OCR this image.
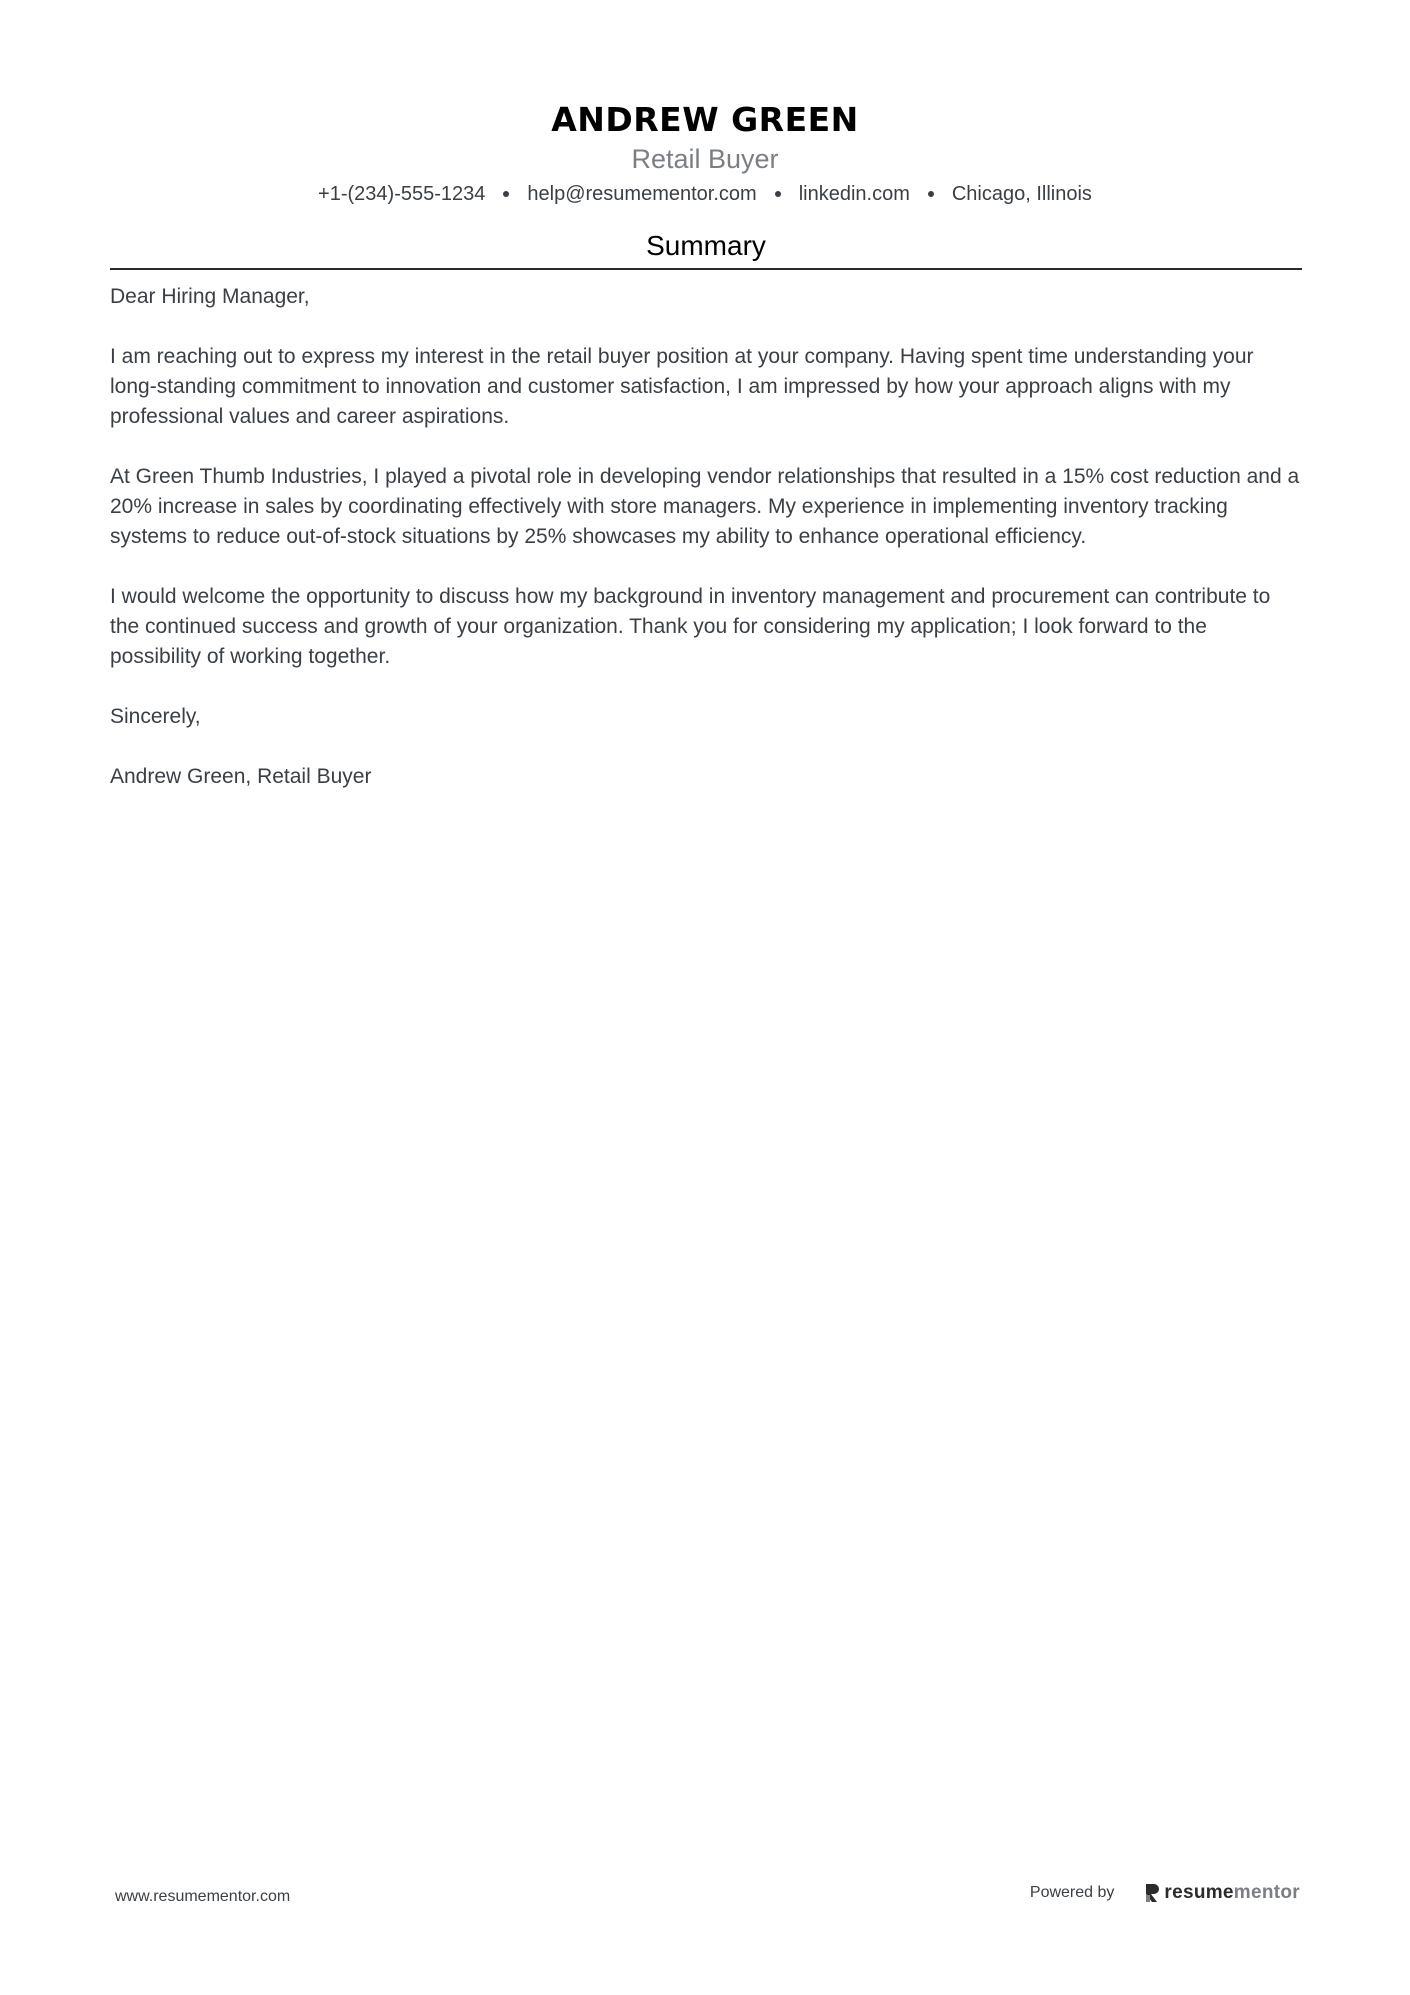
ANDREW GREEN
Retail Buyer
+1-(234)-555-1234 help@resumementor.com linkedin.com Chicago, Illinois
Summary

Dear Hiring Manager,

I am reaching out to express my interest in the retail buyer position at your company. Having spent time understanding your long-standing commitment to innovation and customer satisfaction, I am impressed by how your approach aligns with my professional values and career aspirations.

At Green Thumb Industries, I played a pivotal role in developing vendor relationships that resulted in a 15% cost reduction and a 20% increase in sales by coordinating effectively with store managers. My experience in implementing inventory tracking systems to reduce out-of-stock situations by 25% showcases my ability to enhance operational efficiency.

I would welcome the opportunity to discuss how my background in inventory management and procurement can contribute to the continued success and growth of your organization. Thank you for considering my application; I look forward to the possibility of working together.

Sincerely,

Andrew Green, Retail Buyer

www.resumementor.com	Powered by	resume mentor
